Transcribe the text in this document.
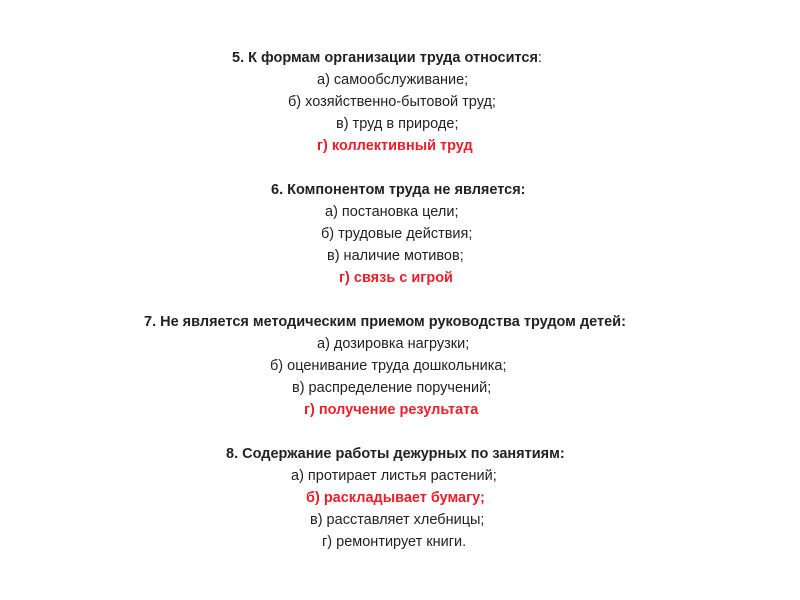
5. К формам организации труда относится:
а) самообслуживание;
б) хозяйственно-бытовой труд;
в) труд в природе;
г) коллективный труд
6. Компонентом труда не является:
а) постановка цели;
б) трудовые действия;
в) наличие мотивов;
г) связь с игрой
7. Не является методическим приемом руководства трудом детей:
а) дозировка нагрузки;
б) оценивание труда дошкольника;
в) распределение поручений;
г) получение результата
8. Содержание работы дежурных по занятиям:
а) протирает листья растений;
б) раскладывает бумагу;
в) расставляет хлебницы;
г) ремонтирует книги.
